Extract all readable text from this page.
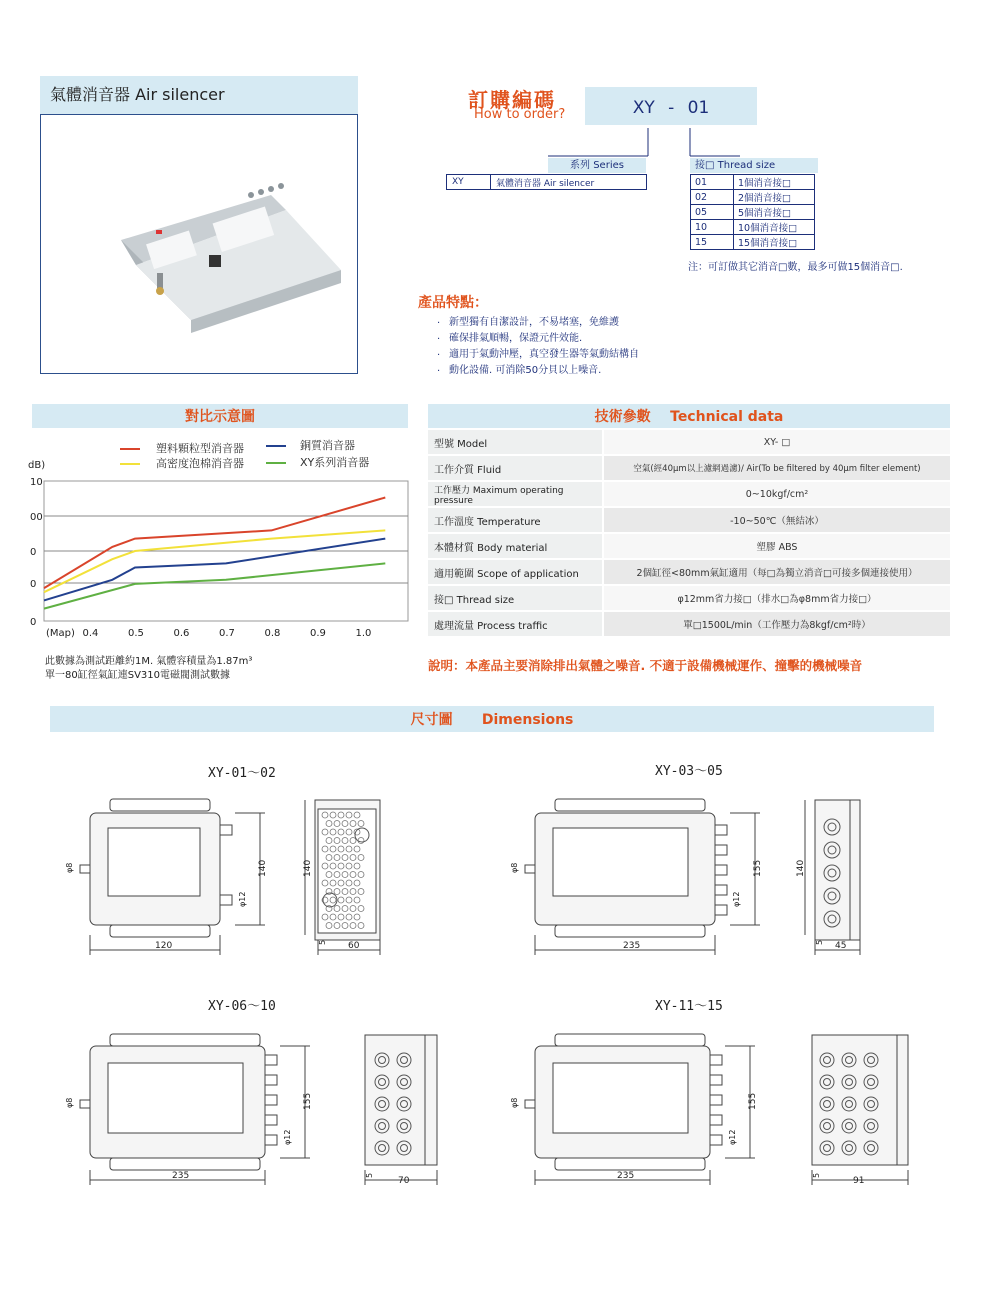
氣體消音器 Air silencer	訂購編碼
How to order?	XY - 01
系列 Series
XY	氣體消音器 Air silencer
接□ Thread size
01	1個消音接□
02	2個消音接□
05	5個消音接□
10	10個消音接□
15	15個消音接□
注：可訂做其它消音□數，最多可做15個消音□.
產品特點：
. 新型獨有自潔設計，不易堵塞，免維護
. 確保排氣順暢，保證元件效能.
. 適用于氣動沖壓，真空發生器等氣動結構自
. 動化設備. 可消除50分貝以上噪音.
對比示意圖
塑料顆粒型消音器	銅質消音器
高密度泡棉消音器	XY系列消音器
dB)
10
00
0
0
0
(Map) 0.4	0.5	0.6	0.7	0.8	0.9	1.0
此數據為測試距離約1M. 氣體容積量為1.87m³
單一80缸徑氣缸連SV310電磁閥測試數據
技術參數 Technical data
型號 Model	XY- □
工作介質 Fluid	空氣(經40μm以上濾網過濾)/ Air(To be filtered by 40μm filter element)
工作壓力 Maximum operating pressure	0~10kgf/cm²
工作溫度 Temperature	-10~50℃（無結冰）
本體材質 Body material	塑膠 ABS
適用範圍 Scope of application	2個缸徑<80mm氣缸適用（每□為獨立消音□可接多個連接使用）
接□ Thread size	φ12mm省力接□（排水□為φ8mm省力接□）
處理流量 Process traffic	單□1500L/min（工作壓力為8kgf/cm²時）
說明：本產品主要消除排出氣體之噪音. 不適于設備機械運作、撞擊的機械噪音
尺寸圖 Dimensions
XY-01～02	XY-03～05
XY-06～10	XY-11～15
120	60
5
140	140
φ8
φ12
235	45
5
155	140
φ8
φ12
235	70
5
155
φ8
φ12
235	91
5
155
φ8
φ12
